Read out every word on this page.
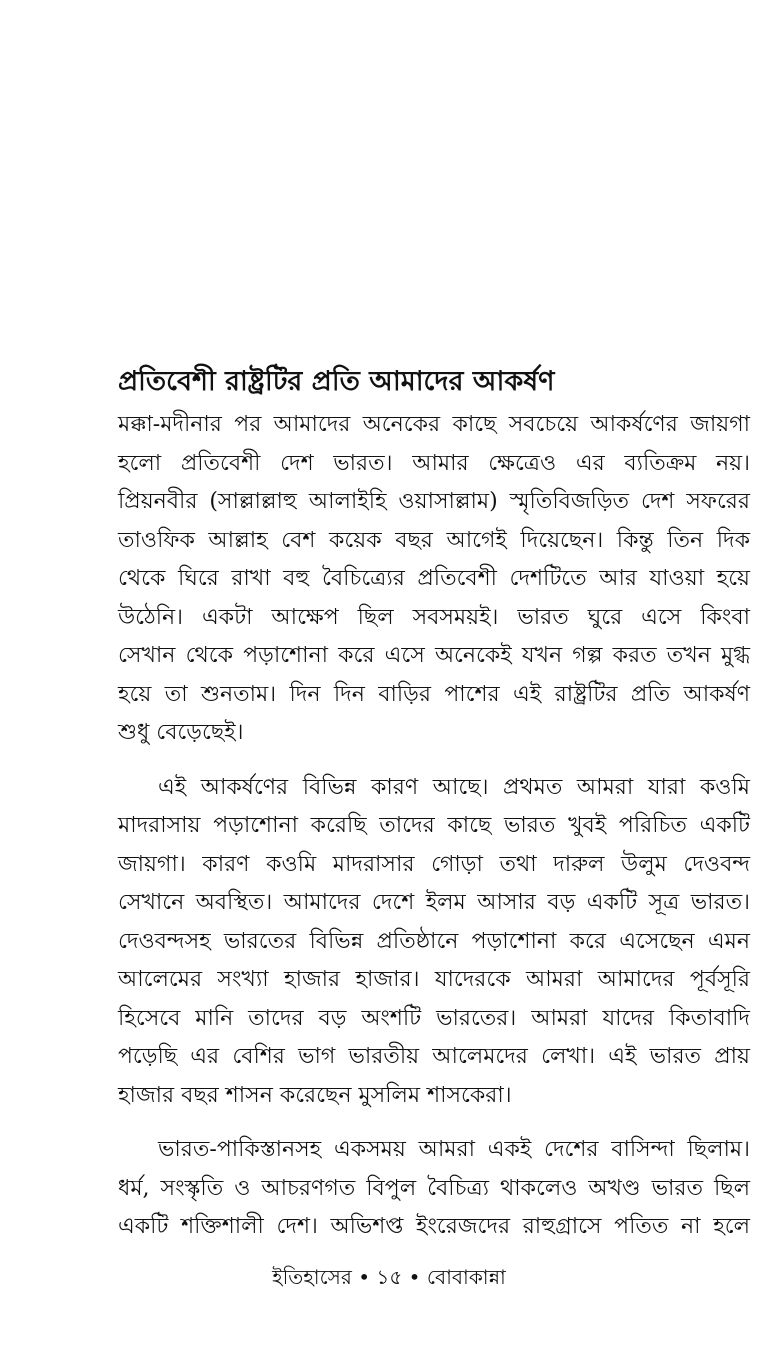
প্রতিবেশী রাষ্ট্রটির প্রতি আমাদের আকর্ষণ
মক্কা-মদীনার পর আমাদের অনেকের কাছে সবচেয়ে আকর্ষণের জায়গা
হলো প্রতিবেশী দেশ ভারত। আমার ক্ষেত্রেও এর ব্যতিক্রম নয়।
প্রিয়নবীর (সাল্লাল্লাহু আলাইহি ওয়াসাল্লাম) স্মৃতিবিজড়িত দেশ সফরের
তাওফিক আল্লাহ বেশ কয়েক বছর আগেই দিয়েছেন। কিন্তু তিন দিক
থেকে ঘিরে রাখা বহু বৈচিত্র্যের প্রতিবেশী দেশটিতে আর যাওয়া হয়ে
উঠেনি। একটা আক্ষেপ ছিল সবসময়ই। ভারত ঘুরে এসে কিংবা
সেখান থেকে পড়াশোনা করে এসে অনেকেই যখন গল্প করত তখন মুগ্ধ
হয়ে তা শুনতাম। দিন দিন বাড়ির পাশের এই রাষ্ট্রটির প্রতি আকর্ষণ
শুধু বেড়েছেই।
এই আকর্ষণের বিভিন্ন কারণ আছে। প্রথমত আমরা যারা কওমি
মাদরাসায় পড়াশোনা করেছি তাদের কাছে ভারত খুবই পরিচিত একটি
জায়গা। কারণ কওমি মাদরাসার গোড়া তথা দারুল উলুম দেওবন্দ
সেখানে অবস্থিত। আমাদের দেশে ইলম আসার বড় একটি সূত্র ভারত।
দেওবন্দসহ ভারতের বিভিন্ন প্রতিষ্ঠানে পড়াশোনা করে এসেছেন এমন
আলেমের সংখ্যা হাজার হাজার। যাদেরকে আমরা আমাদের পূর্বসূরি
হিসেবে মানি তাদের বড় অংশটি ভারতের। আমরা যাদের কিতাবাদি
পড়েছি এর বেশির ভাগ ভারতীয় আলেমদের লেখা। এই ভারত প্রায়
হাজার বছর শাসন করেছেন মুসলিম শাসকেরা।
ভারত-পাকিস্তানসহ একসময় আমরা একই দেশের বাসিন্দা ছিলাম।
ধর্ম, সংস্কৃতি ও আচরণগত বিপুল বৈচিত্র্য থাকলেও অখণ্ড ভারত ছিল
একটি শক্তিশালী দেশ। অভিশপ্ত ইংরেজদের রাহুগ্রাসে পতিত না হলে
ইতিহাসের • ১৫ • বোবাকান্না
